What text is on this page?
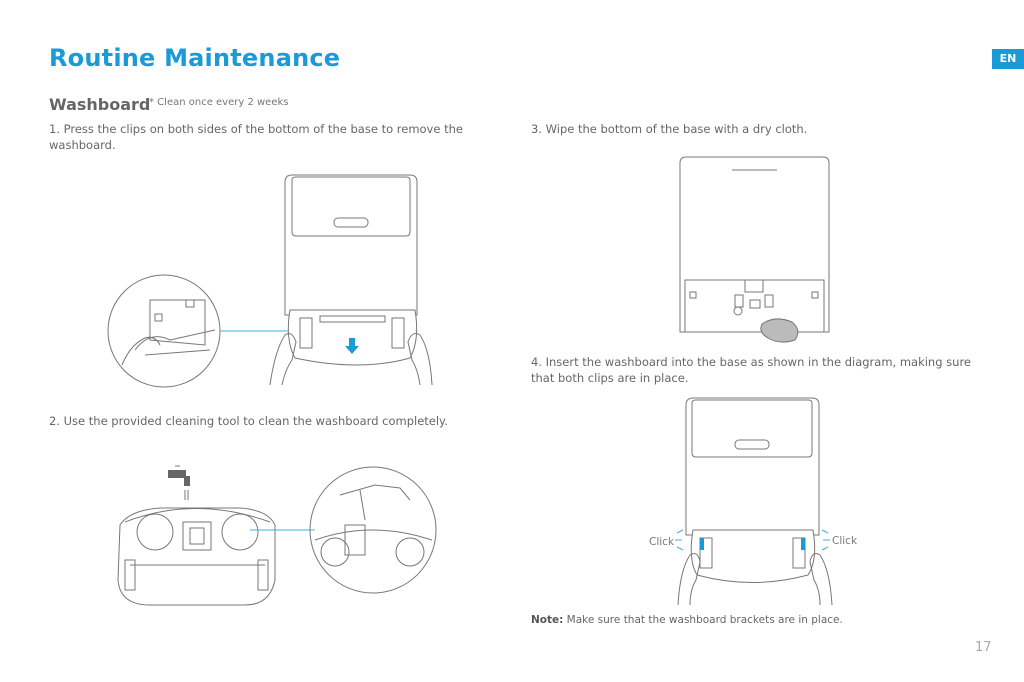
Routine Maintenance	EN
Washboard
* Clean once every 2 weeks
1. Press the clips on both sides of the bottom of the base to remove the washboard.
2. Use the provided cleaning tool to clean the washboard completely.
3. Wipe the bottom of the base with a dry cloth.
4. Insert the washboard into the base as shown in the diagram, making sure that both clips are in place.
Click	Click
Note: Make sure that the washboard brackets are in place.
17
